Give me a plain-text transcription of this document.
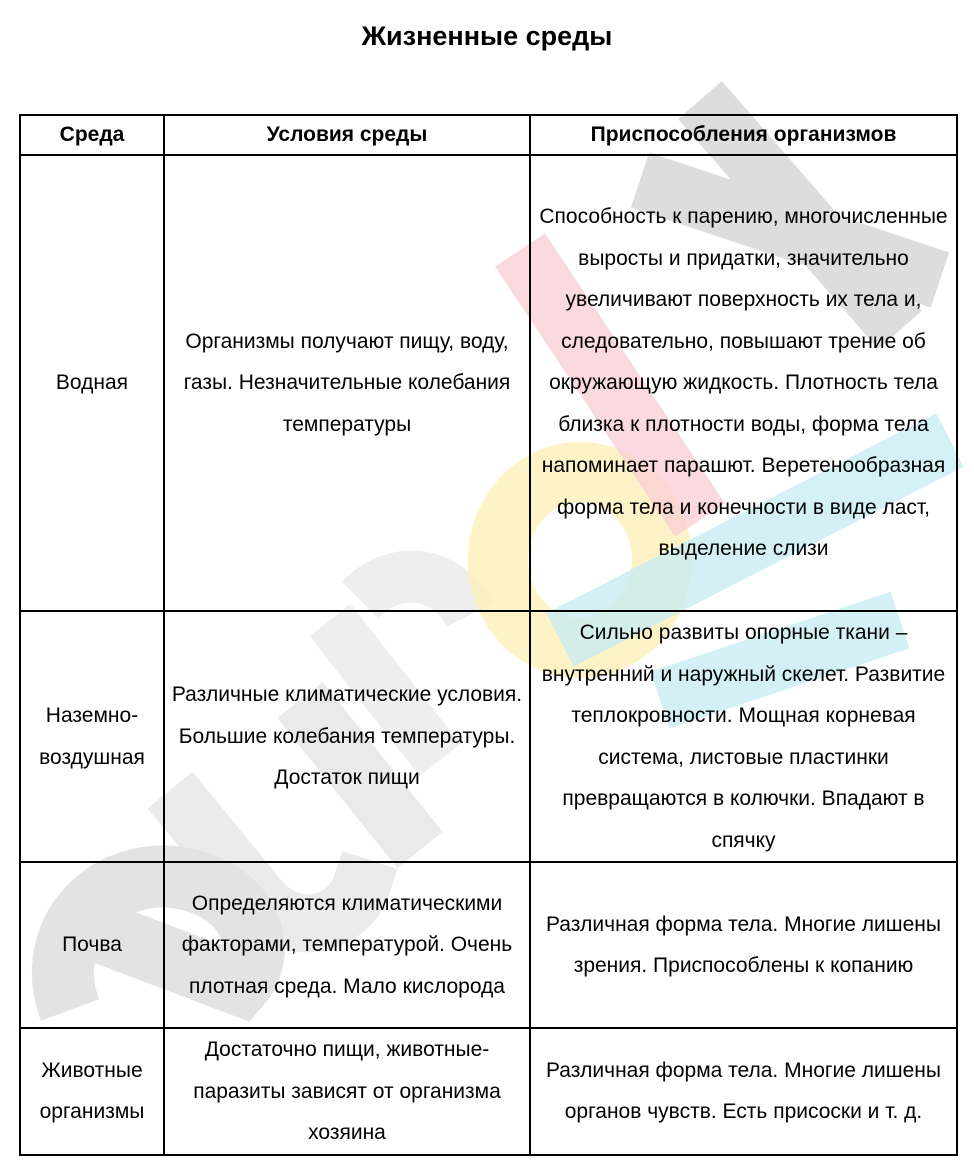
Жизненные среды
Среда	Условия среды	Приспособления организмов
Водная	Организмы получают пищу, воду, газы. Незначительные колебания температуры	Способность к парению, многочисленные выросты и придатки, значительно увеличивают поверхность их тела и, следовательно, повышают трение об окружающую жидкость. Плотность тела близка к плотности воды, форма тела напоминает парашют. Веретенообразная форма тела и конечности в виде ласт, выделение слизи
Наземно-воздушная	Различные климатические условия. Большие колебания температуры. Достаток пищи	Сильно развиты опорные ткани – внутренний и наружный скелет. Развитие теплокровности. Мощная корневая система, листовые пластинки превращаются в колючки. Впадают в спячку
Почва	Определяются климатическими факторами, температурой. Очень плотная среда. Мало кислорода	Различная форма тела. Многие лишены зрения. Приспособлены к копанию
Животные организмы	Достаточно пищи, животные-паразиты зависят от организма хозяина	Различная форма тела. Многие лишены органов чувств. Есть присоски и т. д.
